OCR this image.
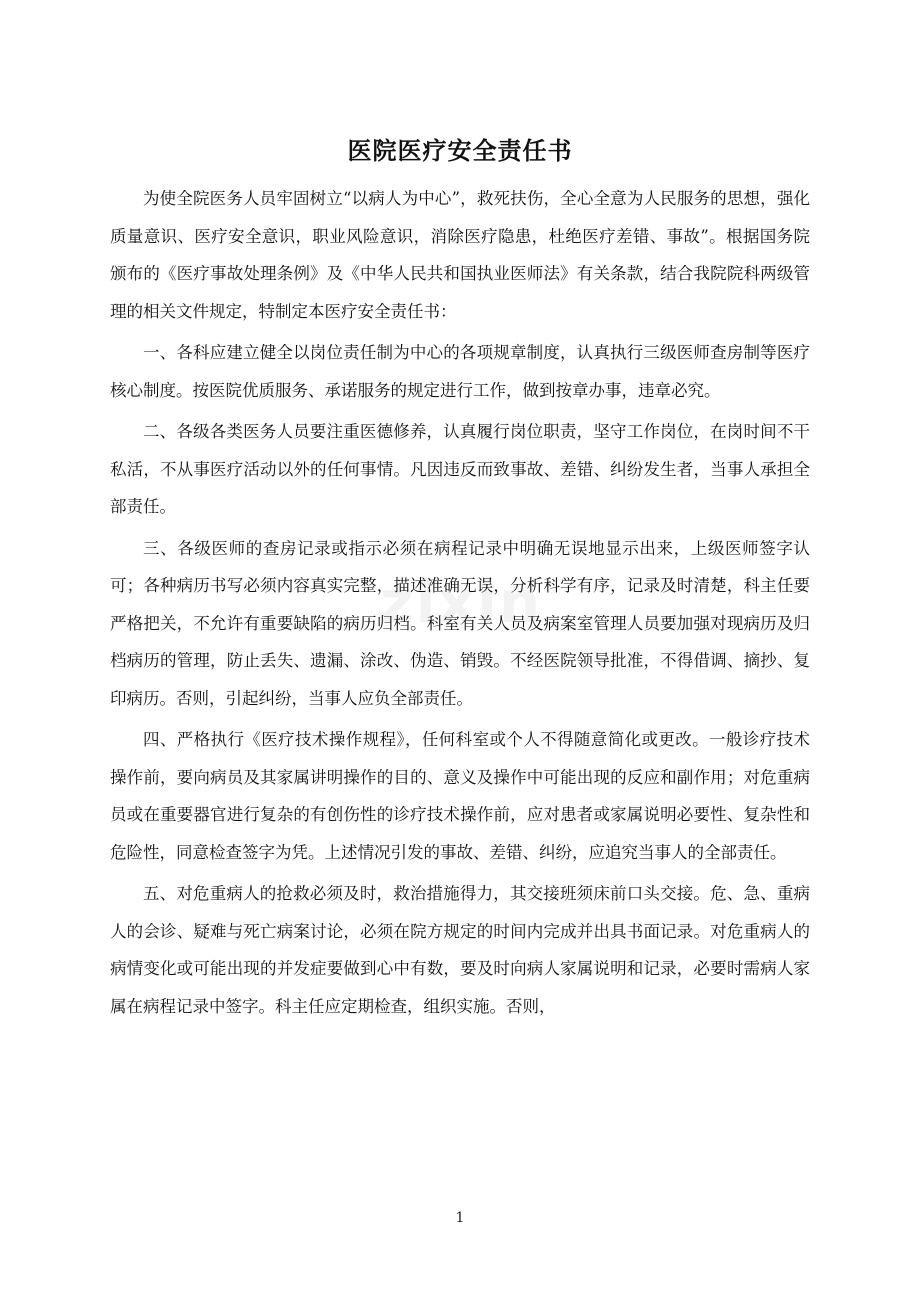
zixin
医院医疗安全责任书

为使全院医务人员牢固树立“以病人为中心”，救死扶伤，全心全意为人民服务的思想，强化质量意识、医疗安全意识，职业风险意识，消除医疗隐患，杜绝医疗差错、事故”。根据国务院颁布的《医疗事故处理条例》及《中华人民共和国执业医师法》有关条款，结合我院院科两级管理的相关文件规定，特制定本医疗安全责任书：

一、各科应建立健全以岗位责任制为中心的各项规章制度，认真执行三级医师查房制等医疗核心制度。按医院优质服务、承诺服务的规定进行工作，做到按章办事，违章必究。

二、各级各类医务人员要注重医德修养，认真履行岗位职责，坚守工作岗位，在岗时间不干私活，不从事医疗活动以外的任何事情。凡因违反而致事故、差错、纠纷发生者，当事人承担全部责任。

三、各级医师的查房记录或指示必须在病程记录中明确无误地显示出来，上级医师签字认可；各种病历书写必须内容真实完整，描述准确无误，分析科学有序，记录及时清楚，科主任要严格把关，不允许有重要缺陷的病历归档。科室有关人员及病案室管理人员要加强对现病历及归档病历的管理，防止丢失、遗漏、涂改、伪造、销毁。不经医院领导批准，不得借调、摘抄、复印病历。否则，引起纠纷，当事人应负全部责任。

四、严格执行《医疗技术操作规程》，任何科室或个人不得随意简化或更改。一般诊疗技术操作前，要向病员及其家属讲明操作的目的、意义及操作中可能出现的反应和副作用；对危重病员或在重要器官进行复杂的有创伤性的诊疗技术操作前，应对患者或家属说明必要性、复杂性和危险性，同意检查签字为凭。上述情况引发的事故、差错、纠纷，应追究当事人的全部责任。

五、对危重病人的抢救必须及时，救治措施得力，其交接班须床前口头交接。危、急、重病人的会诊、疑难与死亡病案讨论，必须在院方规定的时间内完成并出具书面记录。对危重病人的病情变化或可能出现的并发症要做到心中有数，要及时向病人家属说明和记录，必要时需病人家属在病程记录中签字。科主任应定期检查，组织实施。否则，

1
